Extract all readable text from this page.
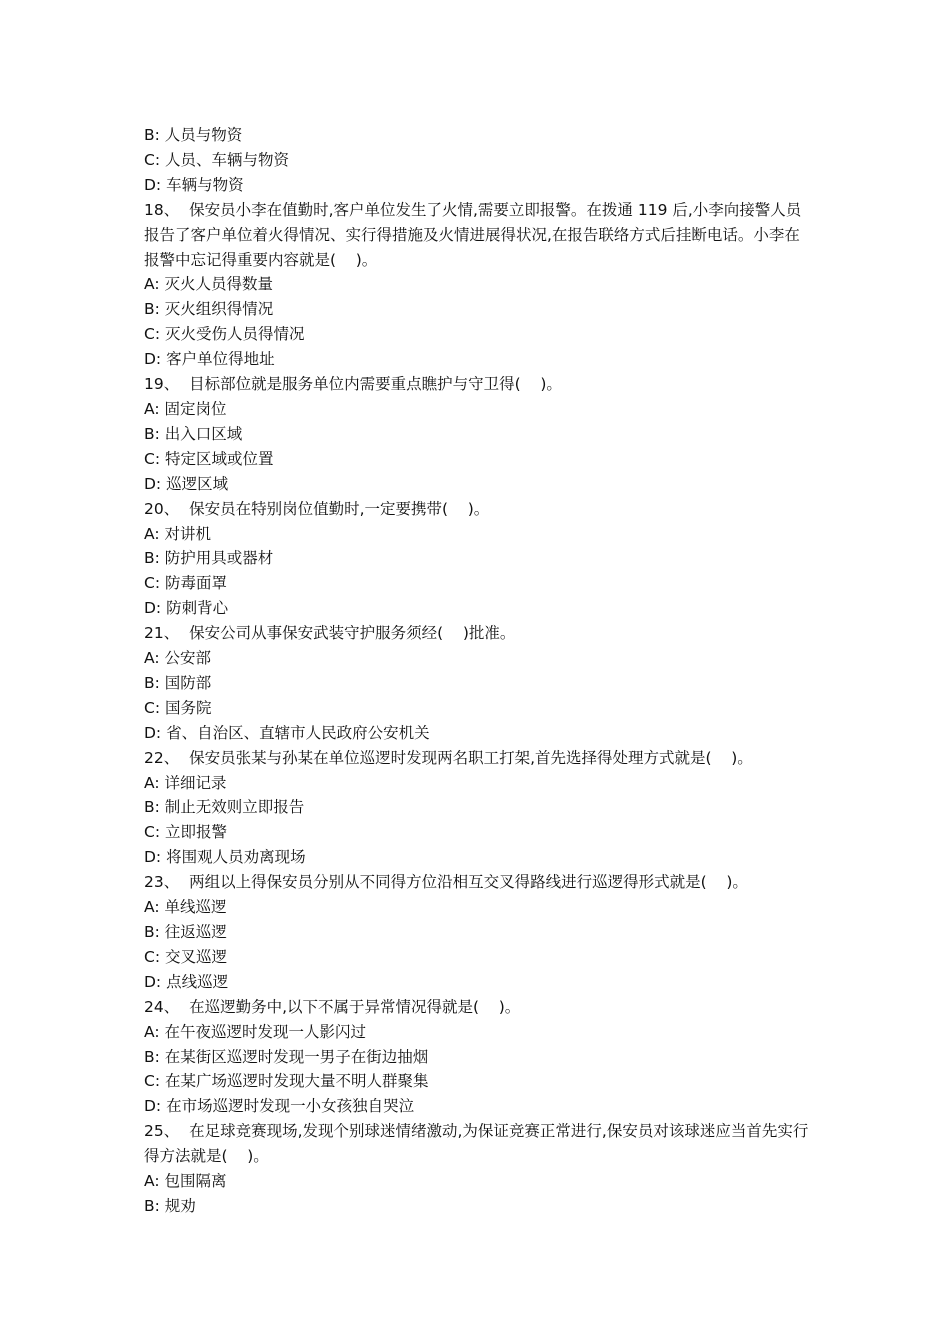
B: 人员与物资
C: 人员、车辆与物资
D: 车辆与物资
18、  保安员小李在值勤时,客户单位发生了火情,需要立即报警。在拨通 119 后,小李向接警人员报告了客户单位着火得情况、实行得措施及火情进展得状况,在报告联络方式后挂断电话。小李在报警中忘记得重要内容就是(    )。
A: 灭火人员得数量
B: 灭火组织得情况
C: 灭火受伤人员得情况
D: 客户单位得地址
19、  目标部位就是服务单位内需要重点瞧护与守卫得(    )。
A: 固定岗位
B: 出入口区域
C: 特定区域或位置
D: 巡逻区域
20、  保安员在特别岗位值勤时,一定要携带(    )。
A: 对讲机
B: 防护用具或器材
C: 防毒面罩
D: 防刺背心
21、  保安公司从事保安武装守护服务须经(    )批准。
A: 公安部
B: 国防部
C: 国务院
D: 省、自治区、直辖市人民政府公安机关
22、  保安员张某与孙某在单位巡逻时发现两名职工打架,首先选择得处理方式就是(    )。
A: 详细记录
B: 制止无效则立即报告
C: 立即报警
D: 将围观人员劝离现场
23、  两组以上得保安员分别从不同得方位沿相互交叉得路线进行巡逻得形式就是(    )。
A: 单线巡逻
B: 往返巡逻
C: 交叉巡逻
D: 点线巡逻
24、  在巡逻勤务中,以下不属于异常情况得就是(    )。
A: 在午夜巡逻时发现一人影闪过
B: 在某街区巡逻时发现一男子在街边抽烟
C: 在某广场巡逻时发现大量不明人群聚集
D: 在市场巡逻时发现一小女孩独自哭泣
25、  在足球竞赛现场,发现个别球迷情绪激动,为保证竞赛正常进行,保安员对该球迷应当首先实行得方法就是(    )。
A: 包围隔离
B: 规劝
